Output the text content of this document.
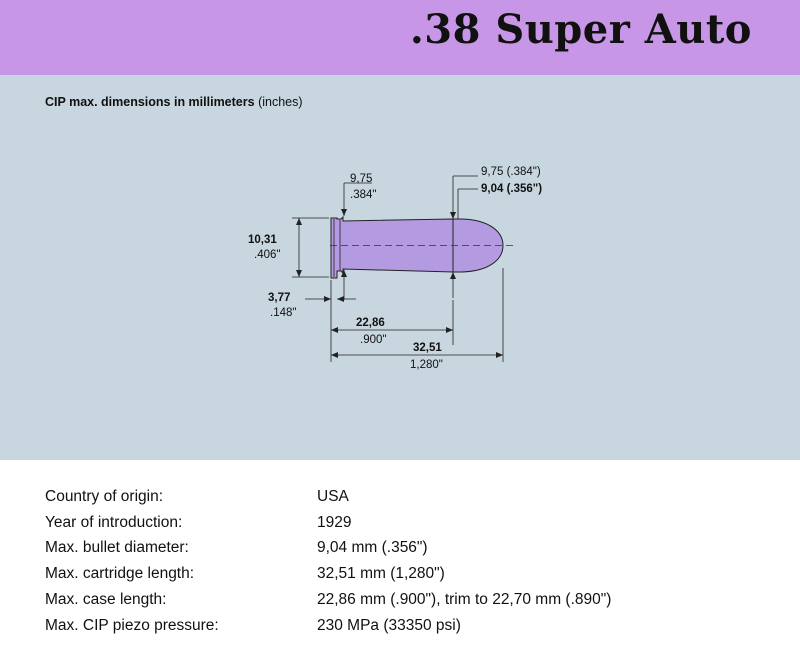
.38 Super Auto
CIP max. dimensions in millimeters (inches)
9,75
.384"
9,75 (.384")
9,04 (.356")
10,31
.406"
3,77
.148"
22,86
.900"
32,51
1,280"
Country of origin:	USA
Year of introduction:	1929
Max. bullet diameter:	9,04 mm (.356")
Max. cartridge length:	32,51 mm (1,280")
Max. case length:	22,86 mm (.900"), trim to 22,70 mm (.890")
Max. CIP piezo pressure:	230 MPa (33350 psi)
